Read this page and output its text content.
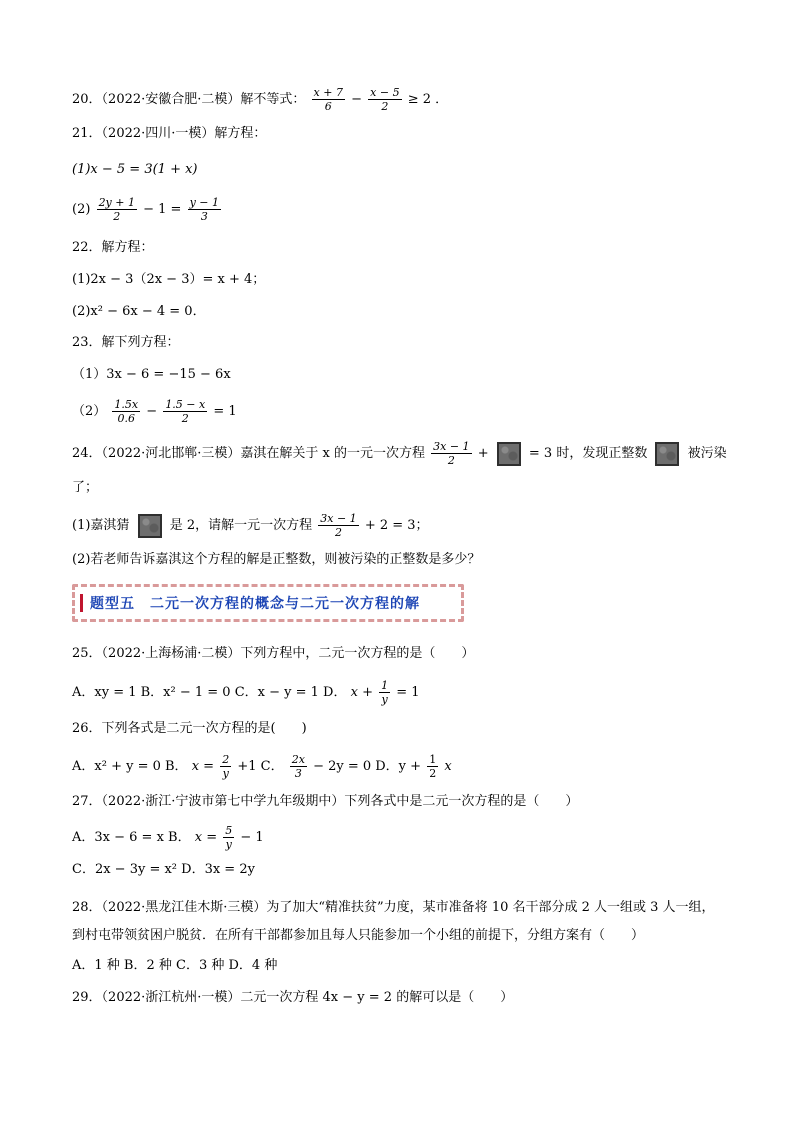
20．（2022·安徽合肥·二模）解不等式： $\frac{x + 7}{6} - \frac{x - 5}{2} \ge 2$ ．
21．（2022·四川·一模）解方程：
(1)x − 5 = 3(1 + x)
$(2) \frac{2y + 1}{2} - 1 = \frac{y - 1}{3}$
22．解方程：
(1)2x − 3（2x − 3）= x + 4；
(2)x² − 6x − 4 = 0．
23．解下列方程：
（1）3x − 6 = −15 − 6x
$(2) \frac{1.5x}{0.6} - \frac{1.5 - x}{2} = 1$
24．（2022·河北邯郸·三模）嘉淇在解关于 x 的一元一次方程 $\frac{3x - 1}{2}$ +	= 3 时，发现正整数	被污染
了；
(1)嘉淇猜	是 2，请解一元一次方程 $\frac{3x - 1}{2} + 2 = 3$；
(2)若老师告诉嘉淇这个方程的解是正整数，则被污染的正整数是多少？
题型五　二元一次方程的概念与二元一次方程的解
25．（2022·上海杨浦·二模）下列方程中，二元一次方程的是（　　）
A．xy = 1 B．x² − 1 = 0 C．x − y = 1 D． $x + \frac{1}{y} = 1$
26．下列各式是二元一次方程的是(　　)
A．x² + y = 0 B． $x = \frac{2}{y} +1$ C． $\frac{2x}{3} - 2y = 0$ D．$y + \frac{1}{2}$ x
27．（2022·浙江·宁波市第七中学九年级期中）下列各式中是二元一次方程的是（　　）
A．3x − 6 = x B． $x = \frac{5}{y} - 1$
C．2x − 3y = x² D．3x = 2y
28．（2022·黑龙江佳木斯·三模）为了加大“精准扶贫”力度，某市准备将 10 名干部分成 2 人一组或 3 人一组，
到村屯带领贫困户脱贫．在所有干部都参加且每人只能参加一个小组的前提下，分组方案有（　　）
A．1 种 B．2 种 C．3 种 D．4 种
29．（2022·浙江杭州·一模）二元一次方程 4x − y = 2 的解可以是（　　）
